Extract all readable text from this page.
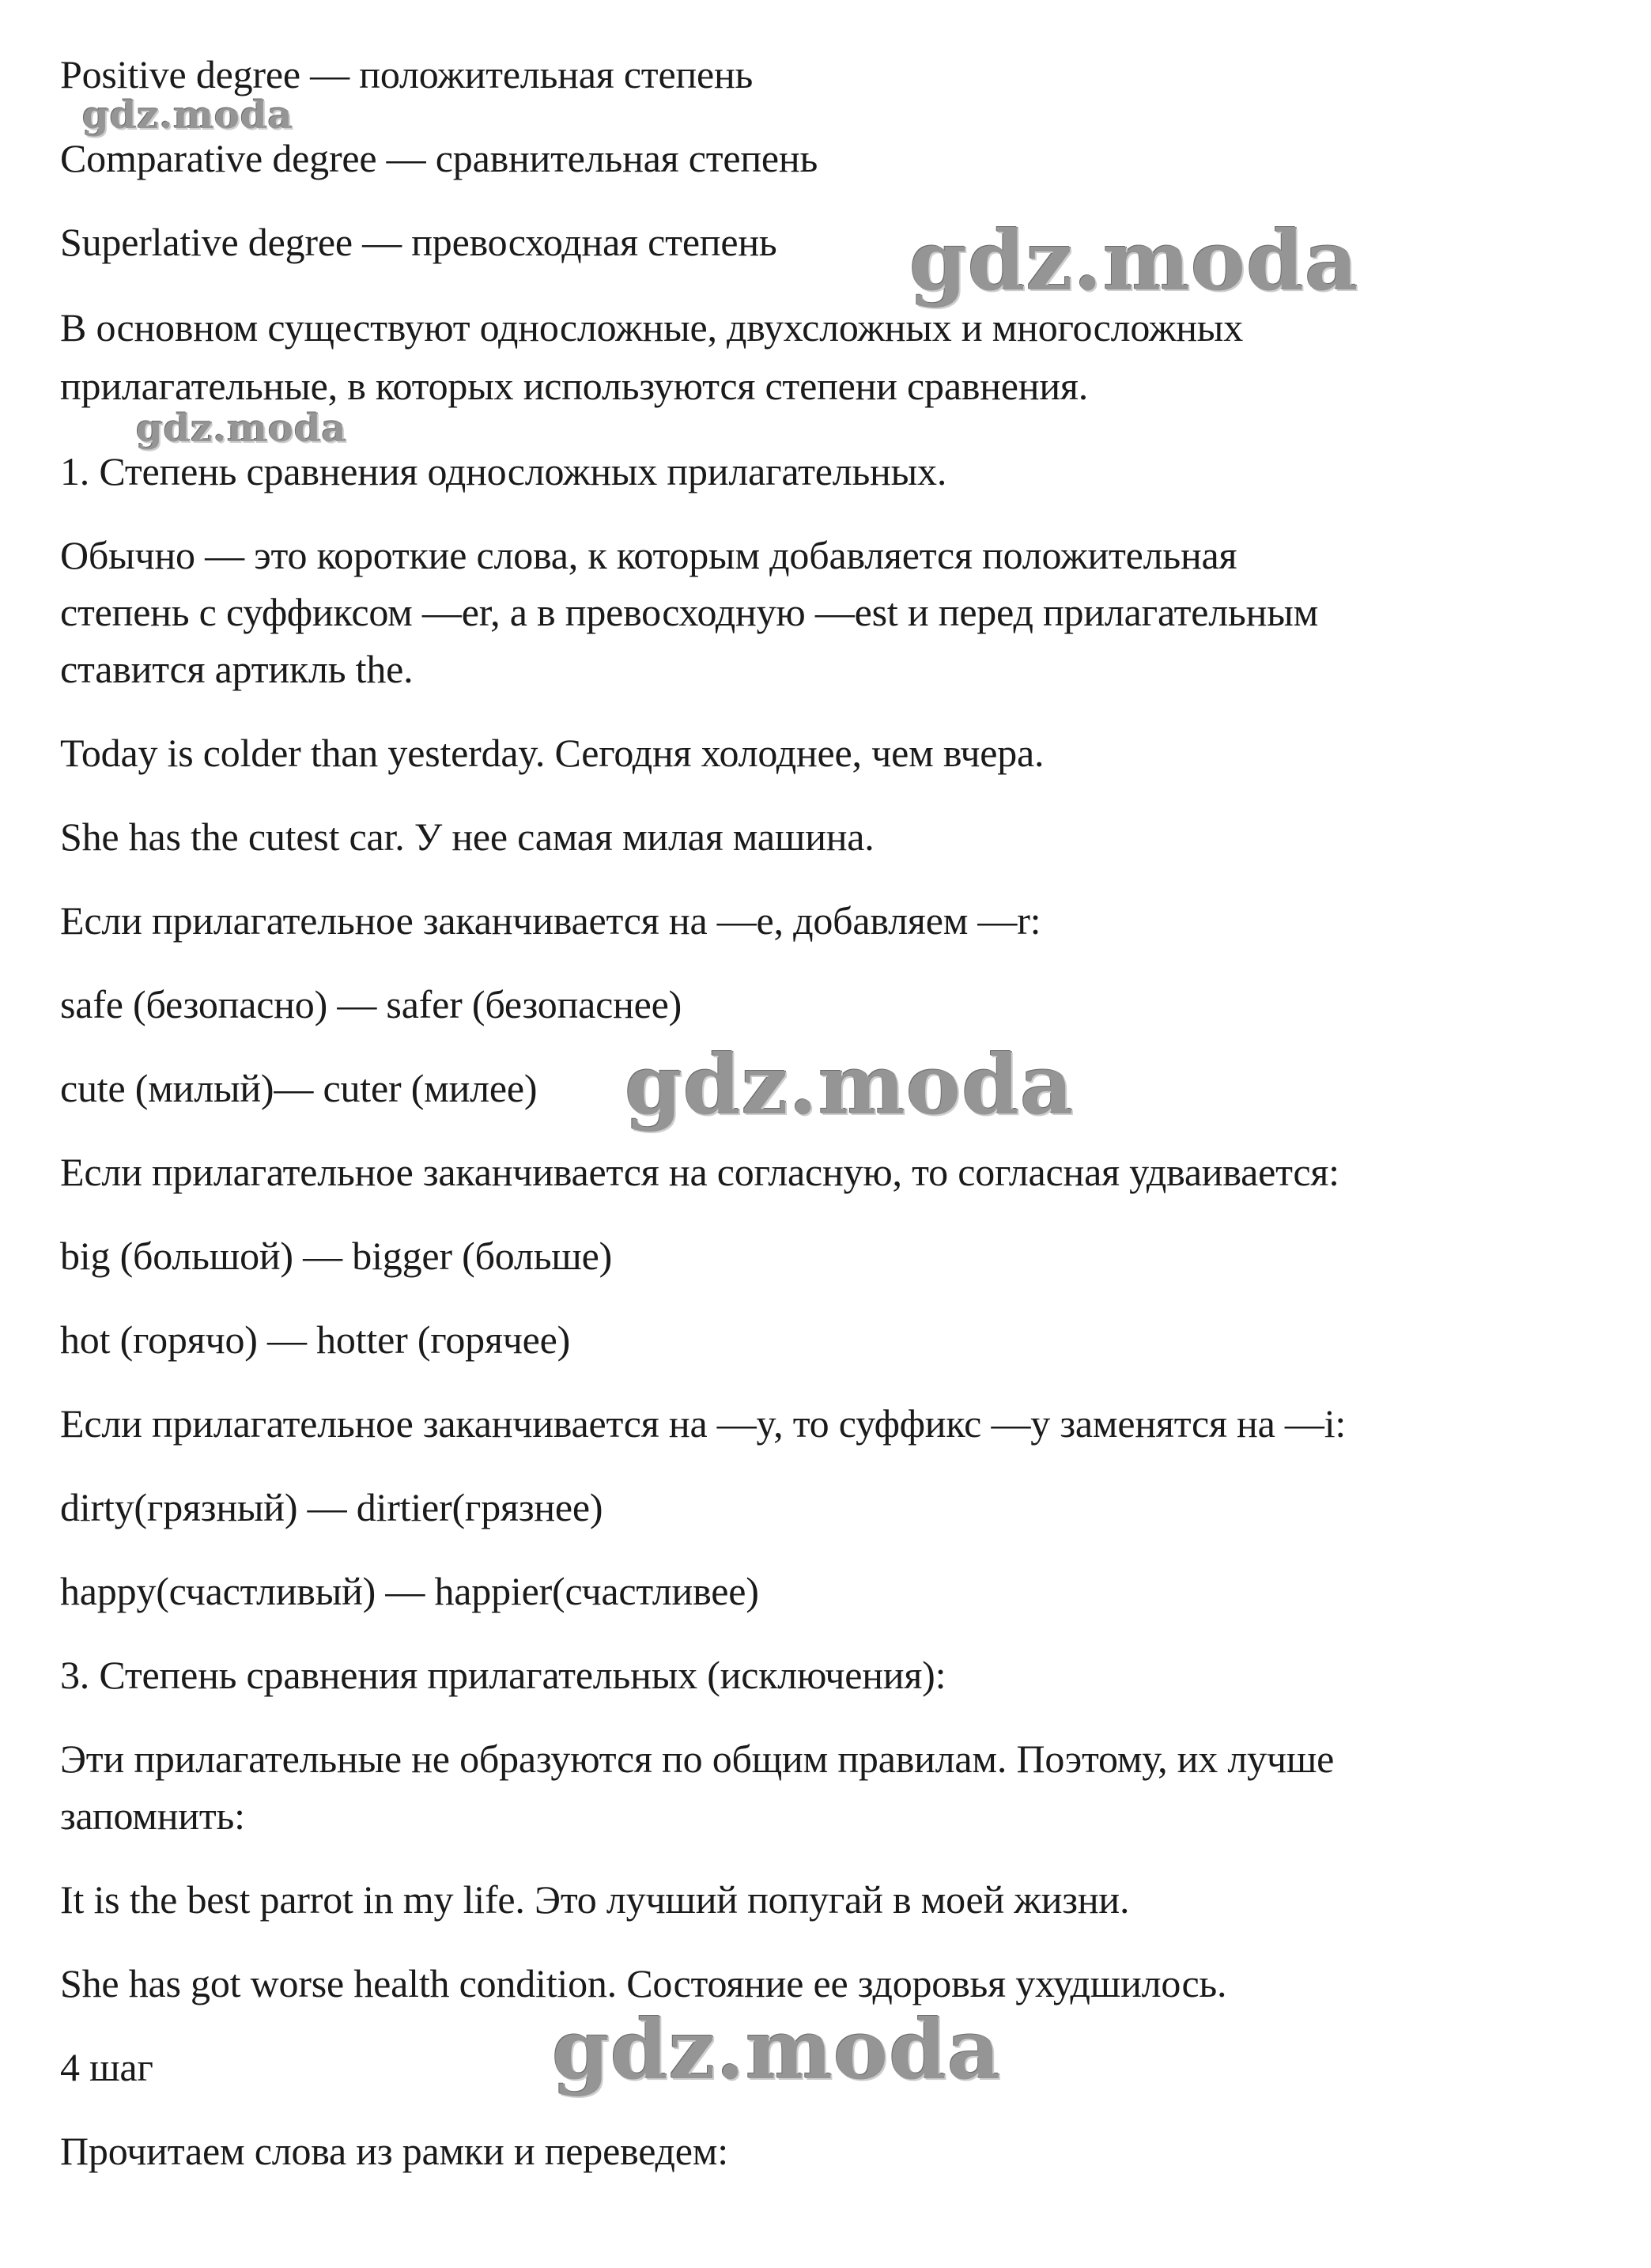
Positive degree — положительная степень
Comparative degree — сравнительная степень
Superlative degree — превосходная степень
В основном существуют односложные, двухсложных и многосложных
прилагательные, в которых используются степени сравнения.
1. Степень сравнения односложных прилагательных.
Обычно — это короткие слова, к которым добавляется положительная
степень с суффиксом —er, а в превосходную —est и перед прилагательным
ставится артикль the.
Today is colder than yesterday. Сегодня холоднее, чем вчера.
She has the cutest car. У нее самая милая машина.
Если прилагательное заканчивается на —e, добавляем —r:
safe (безопасно) — safer (безопаснее)
cute (милый)— cuter (милее)
Если прилагательное заканчивается на согласную, то согласная удваивается:
big (большой) — bigger (больше)
hot (горячо) — hotter (горячее)
Если прилагательное заканчивается на —y, то суффикс —y заменятся на —i:
dirty(грязный) — dirtier(грязнее)
happy(счастливый) — happier(счастливее)
3. Степень сравнения прилагательных (исключения):
Эти прилагательные не образуются по общим правилам. Поэтому, их лучше
запомнить:
It is the best parrot in my life. Это лучший попугай в моей жизни.
She has got worse health condition. Состояние ее здоровья ухудшилось.
4 шаг
Прочитаем слова из рамки и переведем:
gdz.moda
gdz.moda
gdz.moda
gdz.moda
gdz.moda
